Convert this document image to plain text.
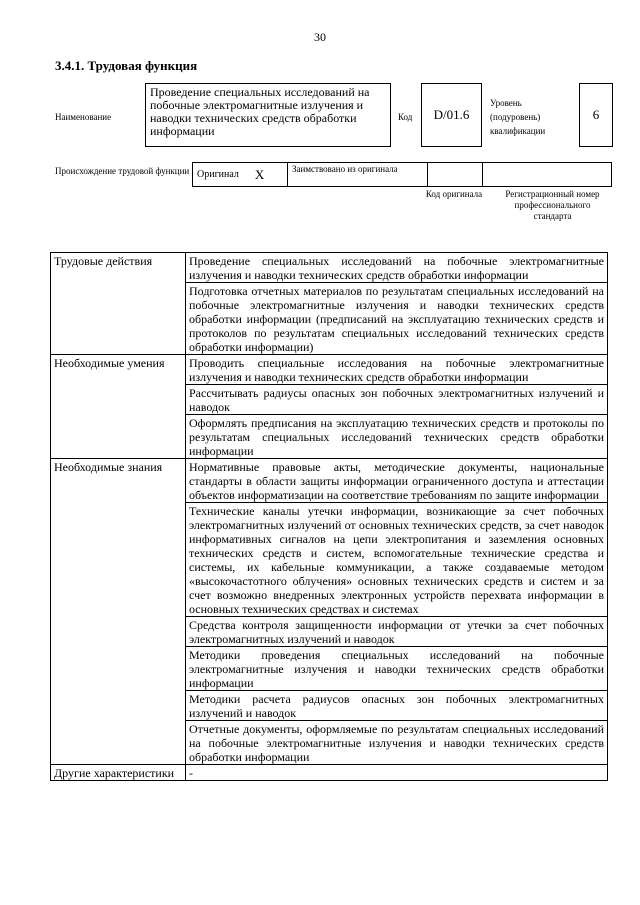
30
3.4.1. Трудовая функция
Наименование
Проведение специальных исследований на побочные электромагнитные излучения и наводки технических средств обработки информации
Код	D/01.6
Уровень (подуровень) квалификации
6
Происхождение трудовой функции Оригинал X	Заимствовано из оригинала
Код оригинала	Регистрационный номер профессионального стандарта
Трудовые действия	Проведение специальных исследований на побочные электромагнитные излучения и наводки технических средств обработки информации
	Подготовка отчетных материалов по результатам специальных исследований на побочные электромагнитные излучения и наводки технических средств обработки информации (предписаний на эксплуатацию технических средств и протоколов по результатам специальных исследований технических средств обработки информации)
Необходимые умения	Проводить специальные исследования на побочные электромагнитные излучения и наводки технических средств обработки информации
	Рассчитывать радиусы опасных зон побочных электромагнитных излучений и наводок
	Оформлять предписания на эксплуатацию технических средств и протоколы по результатам специальных исследований технических средств обработки информации
Необходимые знания	Нормативные правовые акты, методические документы, национальные стандарты в области защиты информации ограниченного доступа и аттестации объектов информатизации на соответствие требованиям по защите информации
	Технические каналы утечки информации, возникающие за счет побочных электромагнитных излучений от основных технических средств, за счет наводок информативных сигналов на цепи электропитания и заземления основных технических средств и систем, вспомогательные технические средства и системы, их кабельные коммуникации, а также создаваемые методом «высокочастотного облучения» основных технических средств и систем и за счет возможно внедренных электронных устройств перехвата информации в основных технических средствах и системах
	Средства контроля защищенности информации от утечки за счет побочных электромагнитных излучений и наводок
	Методики проведения специальных исследований на побочные электромагнитные излучения и наводки технических средств обработки информации
	Методики расчета радиусов опасных зон побочных электромагнитных излучений и наводок
	Отчетные документы, оформляемые по результатам специальных исследований на побочные электромагнитные излучения и наводки технических средств обработки информации
Другие характеристики	-
